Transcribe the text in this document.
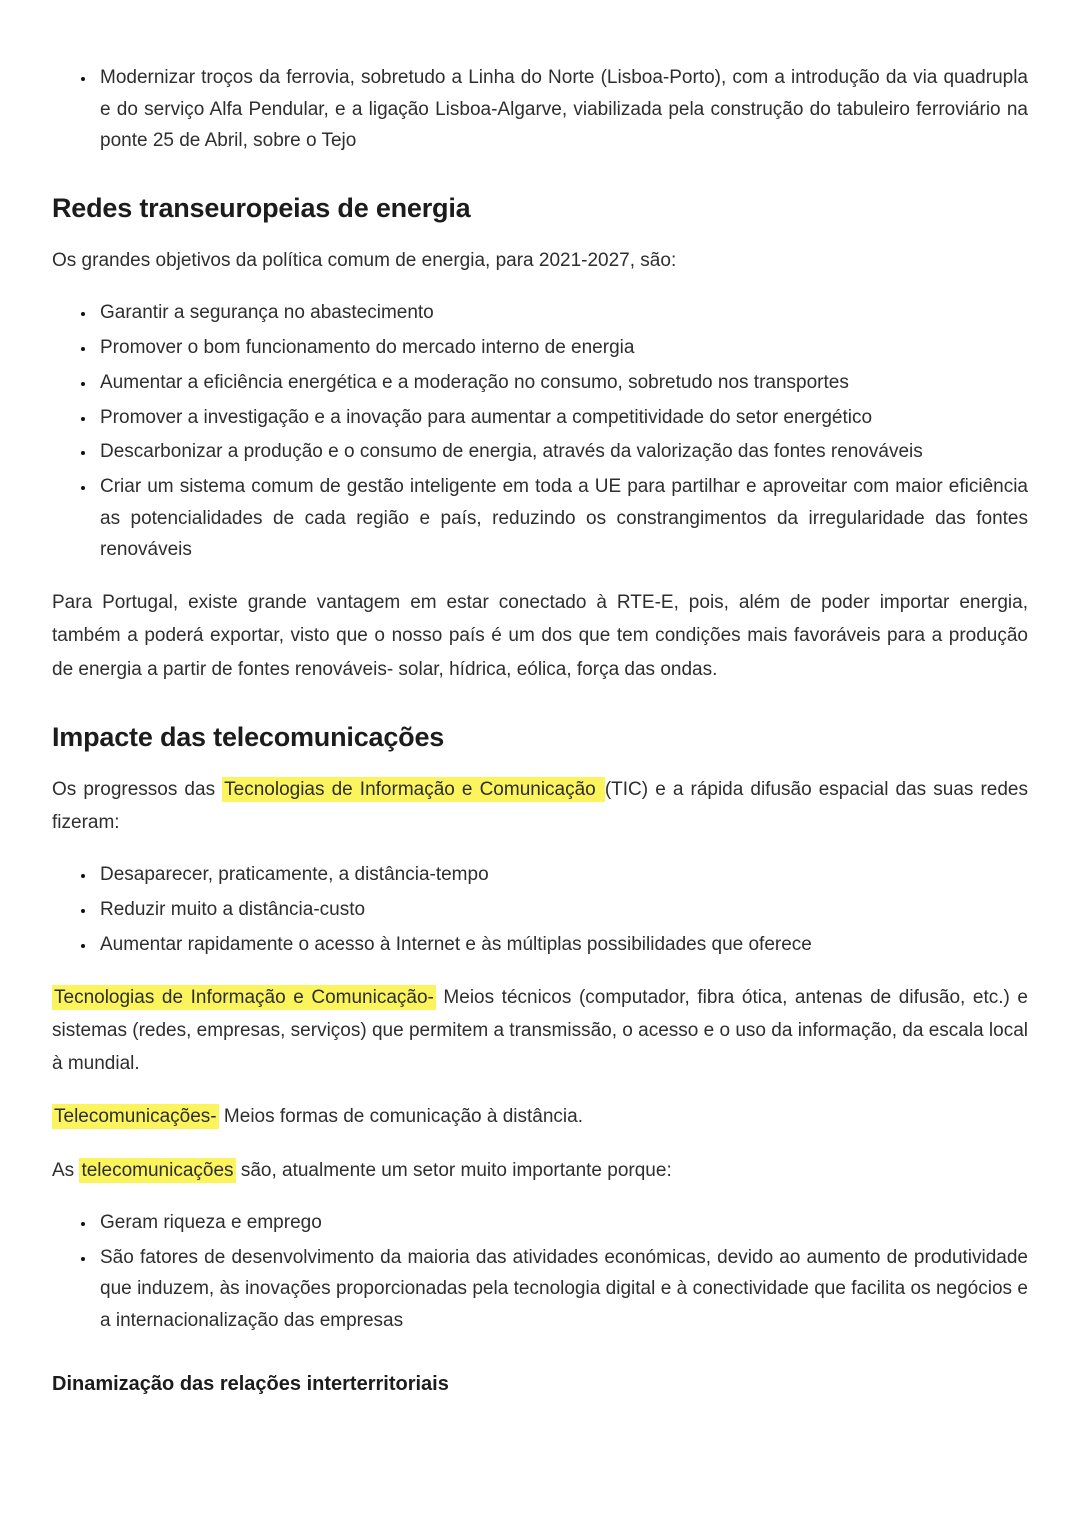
• Modernizar troços da ferrovia, sobretudo a Linha do Norte (Lisboa-Porto), com a introdução da via quadrupla e do serviço Alfa Pendular, e a ligação Lisboa-Algarve, viabilizada pela construção do tabuleiro ferroviário na ponte 25 de Abril, sobre o Tejo
Redes transeuropeias de energia

Os grandes objetivos da política comum de energia, para 2021-2027, são:

• Garantir a segurança no abastecimento
• Promover o bom funcionamento do mercado interno de energia
• Aumentar a eficiência energética e a moderação no consumo, sobretudo nos transportes
• Promover a investigação e a inovação para aumentar a competitividade do setor energético
• Descarbonizar a produção e o consumo de energia, através da valorização das fontes renováveis
• Criar um sistema comum de gestão inteligente em toda a UE para partilhar e aproveitar com maior eficiência as potencialidades de cada região e país, reduzindo os constrangimentos da irregularidade das fontes renováveis

Para Portugal, existe grande vantagem em estar conectado à RTE-E, pois, além de poder importar energia, também a poderá exportar, visto que o nosso país é um dos que tem condições mais favoráveis para a produção de energia a partir de fontes renováveis- solar, hídrica, eólica, força das ondas.

Impacte das telecomunicações

Os progressos das Tecnologias de Informação e Comunicação (TIC) e a rápida difusão espacial das suas redes fizeram:

• Desaparecer, praticamente, a distância-tempo
• Reduzir muito a distância-custo
• Aumentar rapidamente o acesso à Internet e às múltiplas possibilidades que oferece

Tecnologias de Informação e Comunicação- Meios técnicos (computador, fibra ótica, antenas de difusão, etc.) e sistemas (redes, empresas, serviços) que permitem a transmissão, o acesso e o uso da informação, da escala local à mundial.

Telecomunicações- Meios formas de comunicação à distância.

As telecomunicações são, atualmente um setor muito importante porque:

• Geram riqueza e emprego
• São fatores de desenvolvimento da maioria das atividades económicas, devido ao aumento de produtividade que induzem, às inovações proporcionadas pela tecnologia digital e à conectividade que facilita os negócios e a internacionalização das empresas

Dinamização das relações interterritoriais
